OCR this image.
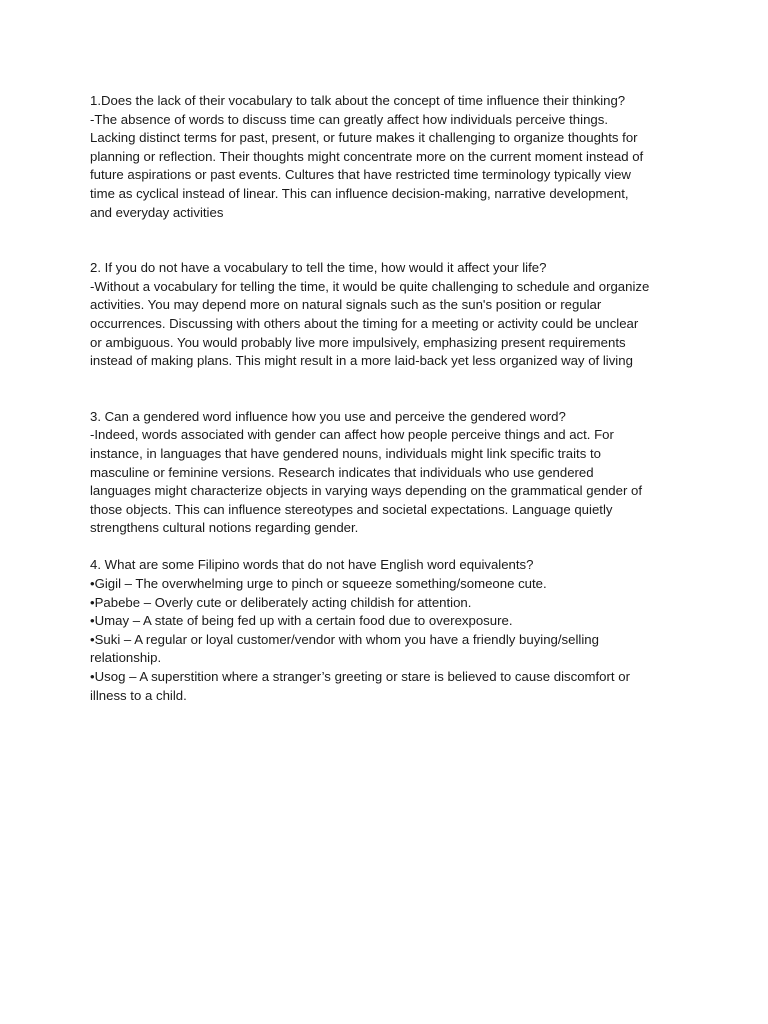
1.Does the lack of their vocabulary to talk about the concept of time influence their thinking?
-The absence of words to discuss time can greatly affect how individuals perceive things.
Lacking distinct terms for past, present, or future makes it challenging to organize thoughts for
planning or reflection. Their thoughts might concentrate more on the current moment instead of
future aspirations or past events. Cultures that have restricted time terminology typically view
time as cyclical instead of linear. This can influence decision-making, narrative development,
and everyday activities
2. If you do not have a vocabulary to tell the time, how would it affect your life?
-Without a vocabulary for telling the time, it would be quite challenging to schedule and organize
activities. You may depend more on natural signals such as the sun's position or regular
occurrences. Discussing with others about the timing for a meeting or activity could be unclear
or ambiguous. You would probably live more impulsively, emphasizing present requirements
instead of making plans. This might result in a more laid-back yet less organized way of living
3. Can a gendered word influence how you use and perceive the gendered word?
-Indeed, words associated with gender can affect how people perceive things and act. For
instance, in languages that have gendered nouns, individuals might link specific traits to
masculine or feminine versions. Research indicates that individuals who use gendered
languages might characterize objects in varying ways depending on the grammatical gender of
those objects. This can influence stereotypes and societal expectations. Language quietly
strengthens cultural notions regarding gender.
4. What are some Filipino words that do not have English word equivalents?
•Gigil – The overwhelming urge to pinch or squeeze something/someone cute.
•Pabebe – Overly cute or deliberately acting childish for attention.
•Umay – A state of being fed up with a certain food due to overexposure.
•Suki – A regular or loyal customer/vendor with whom you have a friendly buying/selling
relationship.
•Usog – A superstition where a stranger’s greeting or stare is believed to cause discomfort or
illness to a child.
